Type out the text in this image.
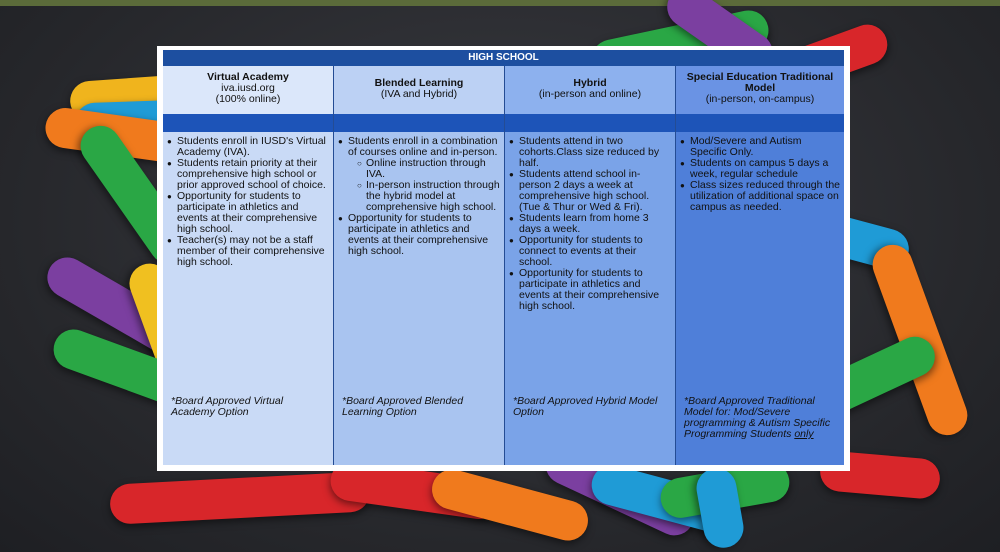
HIGH SCHOOL
Virtual Academy
iva.iusd.org
(100% online)
● Students enroll in IUSD's Virtual Academy (IVA).
● Students retain priority at their comprehensive high school or prior approved school of choice.
● Opportunity for students to participate in athletics and events at their comprehensive high school.
● Teacher(s) may not be a staff member of their comprehensive high school.
*Board Approved Virtual Academy Option
Blended Learning
(IVA and Hybrid)
● Students enroll in a combination of courses online and in-person.
○ Online instruction through IVA.
○ In-person instruction through the hybrid model at comprehensive high school.
● Opportunity for students to participate in athletics and events at their comprehensive high school.
*Board Approved Blended Learning Option
Hybrid
(in-person and online)
● Students attend in two cohorts.Class size reduced by half.
● Students attend school in-person 2 days a week at comprehensive high school. (Tue & Thur or Wed & Fri).
● Students learn from home 3 days a week.
● Opportunity for students to connect to events at their school.
● Opportunity for students to participate in athletics and events at their comprehensive high school.
*Board Approved Hybrid Model Option
Special Education Traditional Model
(in-person, on-campus)
● Mod/Severe and Autism Specific Only.
● Students on campus 5 days a week, regular schedule
● Class sizes reduced through the utilization of additional space on campus as needed.
*Board Approved Traditional Model for: Mod/Severe programming & Autism Specific Programming Students only
